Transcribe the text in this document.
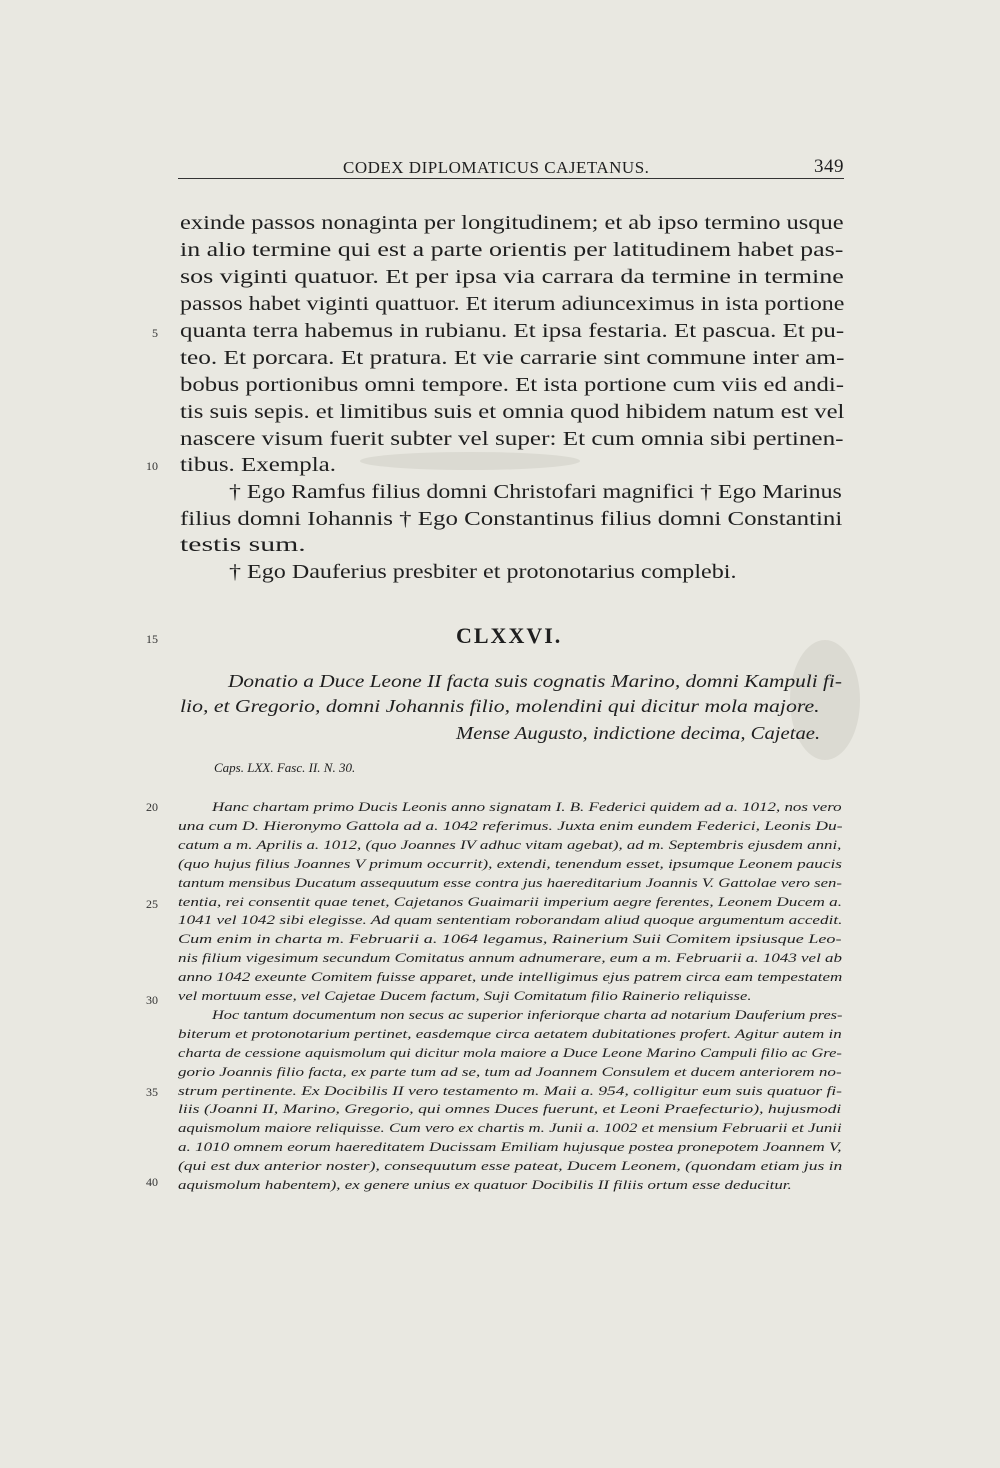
CODEX DIPLOMATICUS CAJETANUS.	349
exinde passos nonaginta per longitudinem; et ab ipso termino usque
in alio termine qui est a parte orientis per latitudinem habet pas-
sos viginti quatuor. Et per ipsa via carrara da termine in termine
passos habet viginti quattuor. Et iterum adiunceximus in ista portione
quanta terra habemus in rubianu. Et ipsa festaria. Et pascua. Et pu-
teo. Et porcara. Et pratura. Et vie carrarie sint commune inter am-
bobus portionibus omni tempore. Et ista portione cum viis ed andi-
tis suis sepis. et limitibus suis et omnia quod hibidem natum est vel
nascere visum fuerit subter vel super: Et cum omnia sibi pertinen-
tibus. Exempla.
† Ego Ramfus filius domni Christofari magnifici † Ego Marinus
filius domni Iohannis † Ego Constantinus filius domni Constantini
testis sum.
† Ego Dauferius presbiter et protonotarius complebi.
5
10
15
20
25
30
35
40
CLXXVI.
Donatio a Duce Leone II facta suis cognatis Marino, domni Kampuli fi-
lio, et Gregorio, domni Johannis filio, molendini qui dicitur mola majore.
Mense Augusto, indictione decima, Cajetae.
Caps. LXX. Fasc. II. N. 30.
Hanc chartam primo Ducis Leonis anno signatam I. B. Federici quidem ad a. 1012, nos vero
una cum D. Hieronymo Gattola ad a. 1042 referimus. Juxta enim eundem Federici, Leonis Du-
catum a m. Aprilis a. 1012, (quo Joannes IV adhuc vitam agebat), ad m. Septembris ejusdem anni,
(quo hujus filius Joannes V primum occurrit), extendi, tenendum esset, ipsumque Leonem paucis
tantum mensibus Ducatum assequutum esse contra jus haereditarium Joannis V. Gattolae vero sen-
tentia, rei consentit quae tenet, Cajetanos Guaimarii imperium aegre ferentes, Leonem Ducem a.
1041 vel 1042 sibi elegisse. Ad quam sententiam roborandam aliud quoque argumentum accedit.
Cum enim in charta m. Februarii a. 1064 legamus, Rainerium Suii Comitem ipsiusque Leo-
nis filium vigesimum secundum Comitatus annum adnumerare, eum a m. Februarii a. 1043 vel ab
anno 1042 exeunte Comitem fuisse apparet, unde intelligimus ejus patrem circa eam tempestatem
vel mortuum esse, vel Cajetae Ducem factum, Suji Comitatum filio Rainerio reliquisse.
Hoc tantum documentum non secus ac superior inferiorque charta ad notarium Dauferium pres-
biterum et protonotarium pertinet, easdemque circa aetatem dubitationes profert. Agitur autem in
charta de cessione aquismolum qui dicitur mola maiore a Duce Leone Marino Campuli filio ac Gre-
gorio Joannis filio facta, ex parte tum ad se, tum ad Joannem Consulem et ducem anteriorem no-
strum pertinente. Ex Docibilis II vero testamento m. Maii a. 954, colligitur eum suis quatuor fi-
liis (Joanni II, Marino, Gregorio, qui omnes Duces fuerunt, et Leoni Praefecturio), hujusmodi
aquismolum maiore reliquisse. Cum vero ex chartis m. Junii a. 1002 et mensium Februarii et Junii
a. 1010 omnem eorum haereditatem Ducissam Emiliam hujusque postea pronepotem Joannem V,
(qui est dux anterior noster), consequutum esse pateat, Ducem Leonem, (quondam etiam jus in
aquismolum habentem), ex genere unius ex quatuor Docibilis II filiis ortum esse deducitur.
